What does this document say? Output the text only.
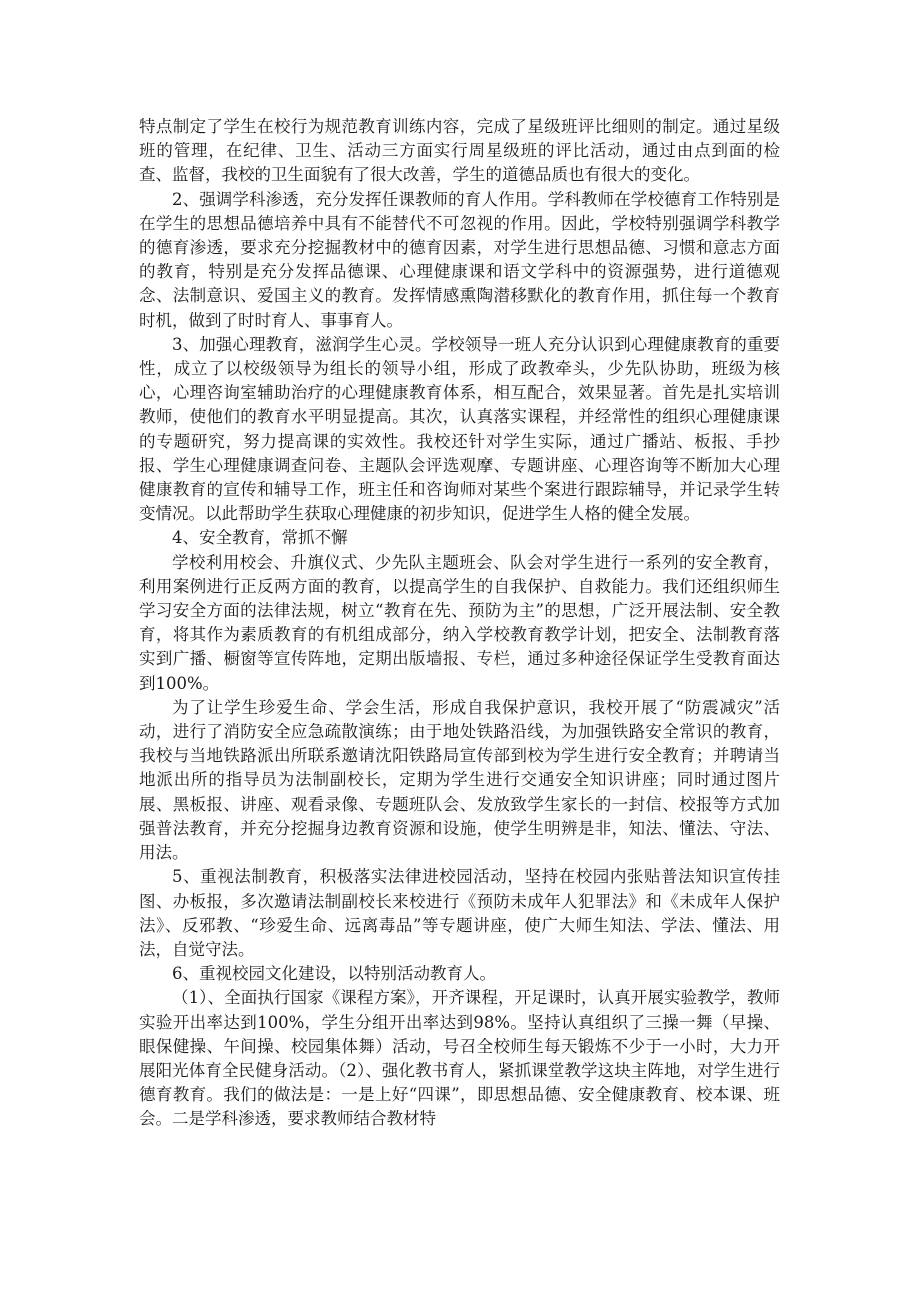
特点制定了学生在校行为规范教育训练内容，完成了星级班评比细则的制定。通过星级班的管理，在纪律、卫生、活动三方面实行周星级班的评比活动，通过由点到面的检查、监督，我校的卫生面貌有了很大改善，学生的道德品质也有很大的变化。

2、强调学科渗透，充分发挥任课教师的育人作用。学科教师在学校德育工作特别是在学生的思想品德培养中具有不能替代不可忽视的作用。因此，学校特别强调学科教学的德育渗透，要求充分挖掘教材中的德育因素，对学生进行思想品德、习惯和意志方面的教育，特别是充分发挥品德课、心理健康课和语文学科中的资源强势，进行道德观念、法制意识、爱国主义的教育。发挥情感熏陶潜移默化的教育作用，抓住每一个教育时机，做到了时时育人、事事育人。

3、加强心理教育，滋润学生心灵。学校领导一班人充分认识到心理健康教育的重要性，成立了以校级领导为组长的领导小组，形成了政教牵头，少先队协助，班级为核心，心理咨询室辅助治疗的心理健康教育体系，相互配合，效果显著。首先是扎实培训教师，使他们的教育水平明显提高。其次，认真落实课程，并经常性的组织心理健康课的专题研究，努力提高课的实效性。我校还针对学生实际，通过广播站、板报、手抄报、学生心理健康调查问卷、主题队会评选观摩、专题讲座、心理咨询等不断加大心理健康教育的宣传和辅导工作，班主任和咨询师对某些个案进行跟踪辅导，并记录学生转变情况。以此帮助学生获取心理健康的初步知识，促进学生人格的健全发展。

4、安全教育，常抓不懈

学校利用校会、升旗仪式、少先队主题班会、队会对学生进行一系列的安全教育，利用案例进行正反两方面的教育，以提高学生的自我保护、自救能力。我们还组织师生学习安全方面的法律法规，树立“教育在先、预防为主”的思想，广泛开展法制、安全教育，将其作为素质教育的有机组成部分，纳入学校教育教学计划，把安全、法制教育落实到广播、橱窗等宣传阵地，定期出版墙报、专栏，通过多种途径保证学生受教育面达到100%。

为了让学生珍爱生命、学会生活，形成自我保护意识，我校开展了“防震减灾”活动，进行了消防安全应急疏散演练；由于地处铁路沿线，为加强铁路安全常识的教育，我校与当地铁路派出所联系邀请沈阳铁路局宣传部到校为学生进行安全教育；并聘请当地派出所的指导员为法制副校长，定期为学生进行交通安全知识讲座；同时通过图片展、黑板报、讲座、观看录像、专题班队会、发放致学生家长的一封信、校报等方式加强普法教育，并充分挖掘身边教育资源和设施，使学生明辨是非，知法、懂法、守法、用法。

5、重视法制教育，积极落实法律进校园活动，坚持在校园内张贴普法知识宣传挂图、办板报，多次邀请法制副校长来校进行《预防未成年人犯罪法》和《未成年人保护法》、反邪教、“珍爱生命、远离毒品”等专题讲座，使广大师生知法、学法、懂法、用法，自觉守法。

6、重视校园文化建设，以特别活动教育人。

（1）、全面执行国家《课程方案》，开齐课程，开足课时，认真开展实验教学，教师实验开出率达到100%，学生分组开出率达到98%。坚持认真组织了三操一舞（早操、眼保健操、午间操、校园集体舞）活动，号召全校师生每天锻炼不少于一小时，大力开展阳光体育全民健身活动。（2）、强化教书育人，紧抓课堂教学这块主阵地，对学生进行德育教育。我们的做法是：一是上好“四课”，即思想品德、安全健康教育、校本课、班会。二是学科渗透，要求教师结合教材特
